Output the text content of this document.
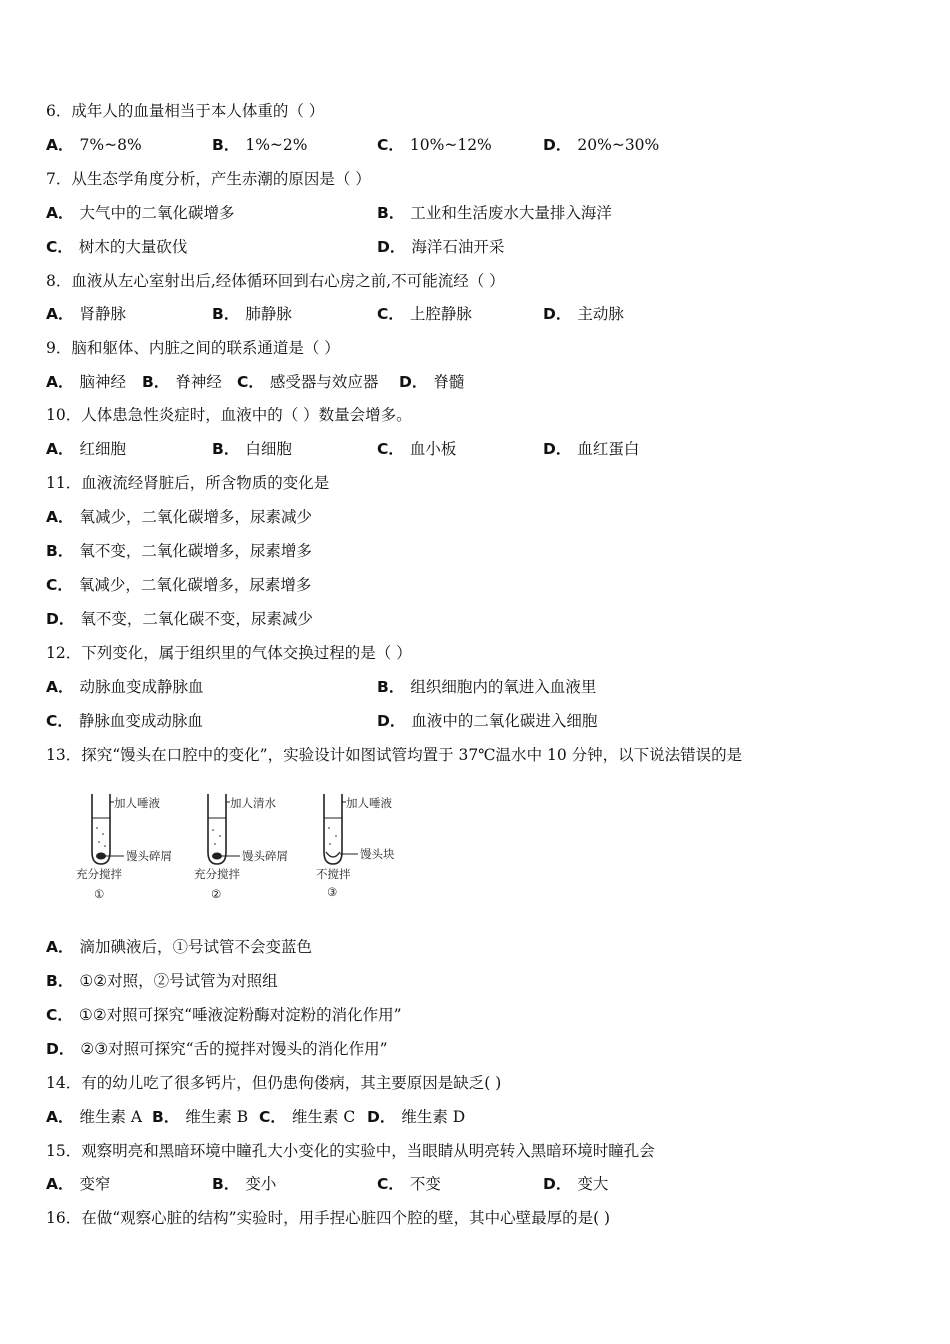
6．成年人的血量相当于本人体重的（ ）
A． 7%~8%	B． 1%~2%	C． 10%~12%	D． 20%~30%
7．从生态学角度分析，产生赤潮的原因是（ ）
A． 大气中的二氧化碳增多	B． 工业和生活废水大量排入海洋
C． 树木的大量砍伐	D． 海洋石油开采
8．血液从左心室射出后,经体循环回到右心房之前,不可能流经（ ）
A． 肾静脉	B． 肺静脉	C． 上腔静脉	D． 主动脉
9．脑和躯体、内脏之间的联系通道是（ ）
A． 脑神经 B． 脊神经 C． 感受器与效应器 D． 脊髓
10．人体患急性炎症时，血液中的（ ）数量会增多。
A． 红细胞	B． 白细胞	C． 血小板	D． 血红蛋白
11．血液流经肾脏后，所含物质的变化是
A． 氧减少，二氧化碳增多，尿素减少
B． 氧不变，二氧化碳增多，尿素增多
C． 氧减少，二氧化碳增多，尿素增多
D． 氧不变，二氧化碳不变，尿素减少
12．下列变化，属于组织里的气体交换过程的是（ ）
A． 动脉血变成静脉血	B． 组织细胞内的氧进入血液里
C． 静脉血变成动脉血	D． 血液中的二氧化碳进入细胞
13．探究“馒头在口腔中的变化”，实验设计如图试管均置于 37℃温水中 10 分钟，以下说法错误的是
加人唾液
馒头碎屑
充分搅拌
①
加人清水
馒头碎屑
充分搅拌
②
加人唾液
馒头块
不搅拌
③
A． 滴加碘液后，①号试管不会变蓝色
B． ①②对照，②号试管为对照组
C． ①②对照可探究“唾液淀粉酶对淀粉的消化作用”
D． ②③对照可探究“舌的搅拌对馒头的消化作用”
14．有的幼儿吃了很多钙片，但仍患佝偻病，其主要原因是缺乏( )
A． 维生素 A B． 维生素 B C． 维生素 C D． 维生素 D
15．观察明亮和黑暗环境中瞳孔大小变化的实验中，当眼睛从明亮转入黑暗环境时瞳孔会
A． 变窄	B． 变小	C． 不变	D． 变大
16．在做“观察心脏的结构”实验时，用手捏心脏四个腔的壁，其中心壁最厚的是( )
